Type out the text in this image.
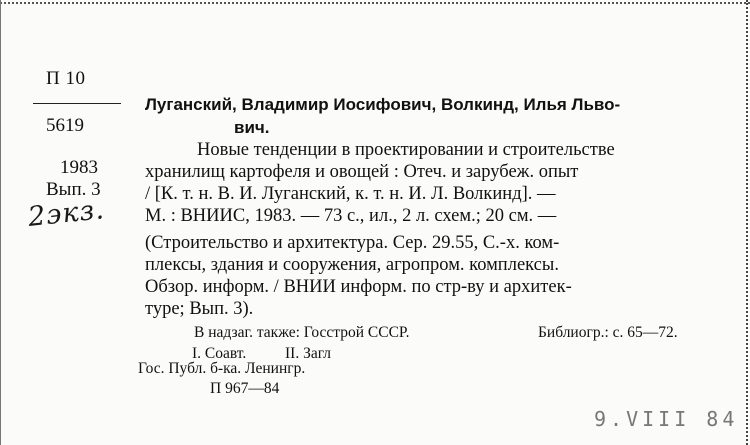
П 10
5619
1983
Вып. 3
2экз.
Луганский, Владимир Иосифович, Волкинд, Илья Льво-
вич.
Новые тенденции в проектировании и строительстве
хранилищ картофеля и овощей : Отеч. и зарубеж. опыт
/ [К. т. н. В. И. Луганский, к. т. н. И. Л. Волкинд]. —
М. : ВНИИС, 1983. — 73 с., ил., 2 л. схем.; 20 см. —
(Строительство и архитектура. Сер. 29.55, С.-х. ком-
плексы, здания и сооружения, агропром. комплексы.
Обзор. информ. / ВНИИ информ. по стр-ву и архитек-
туре; Вып. 3).
В надзаг. также: Госстрой СССР.	Библиогр.: с. 65—72.
I. Соавт. II. Загл
Гос. Публ. б-ка. Ленингр.
П 967—84
9.VIII 84
